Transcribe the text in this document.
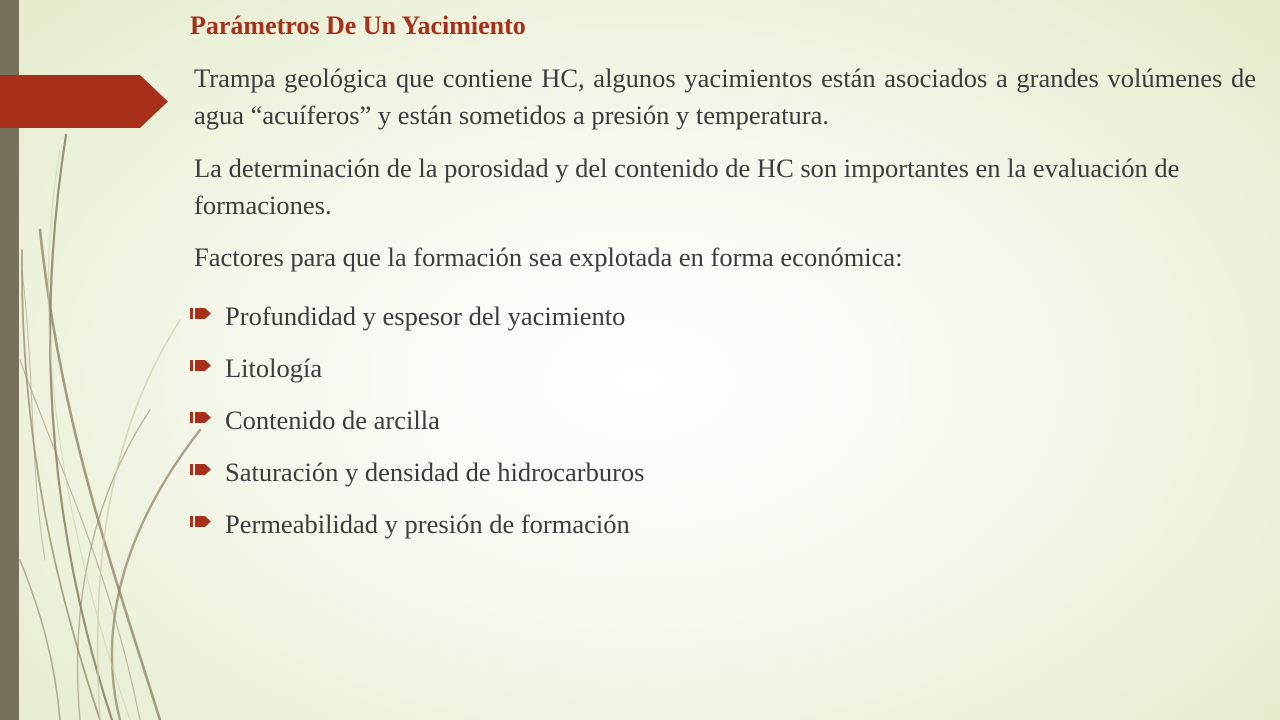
Parámetros De Un Yacimiento

Trampa geológica que contiene HC, algunos yacimientos están asociados a grandes volúmenes de agua “acuíferos” y están sometidos a presión y temperatura.

La determinación de la porosidad y del contenido de HC son importantes en la evaluación de formaciones.

Factores para que la formación sea explotada en forma económica:

Profundidad y espesor del yacimiento
Litología
Contenido de arcilla
Saturación y densidad de hidrocarburos
Permeabilidad y presión de formación
